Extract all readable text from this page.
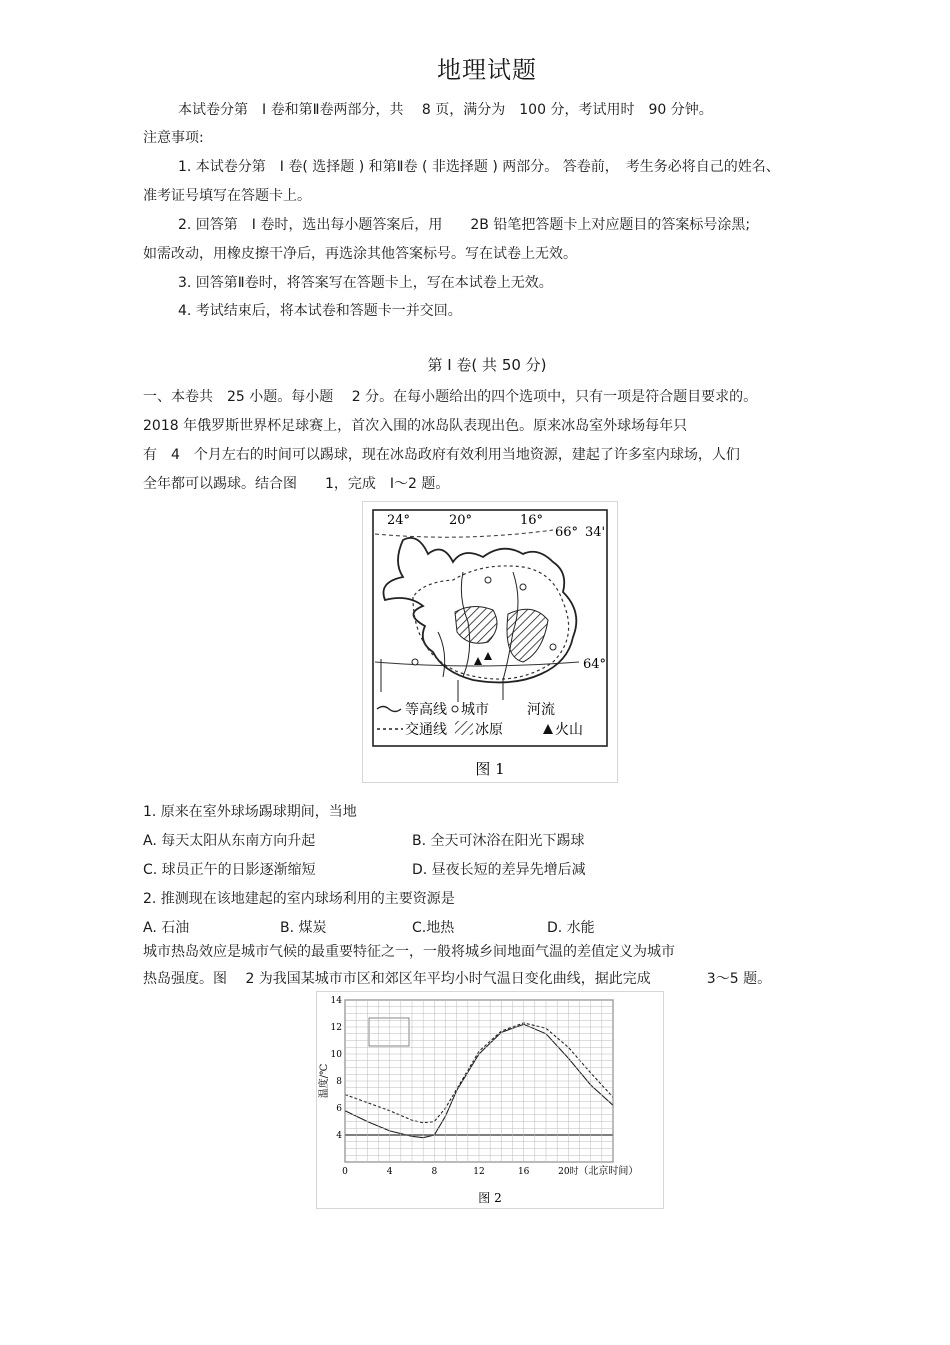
地理试题
本试卷分第　Ⅰ 卷和第Ⅱ卷两部分，共　 8 页，满分为　100 分，考试用时　90 分钟。
注意事项:
1. 本试卷分第　Ⅰ 卷( 选择题 ) 和第Ⅱ卷 ( 非选择题 ) 两部分。 答卷前，　考生务必将自己的姓名、
准考证号填写在答题卡上。
2. 回答第　Ⅰ 卷时，选出每小题答案后，用　　2B 铅笔把答题卡上对应题目的答案标号涂黑;
如需改动，用橡皮擦干净后，再选涂其他答案标号。写在试卷上无效。
3. 回答第Ⅱ卷时，将答案写在答题卡上，写在本试卷上无效。
4. 考试结束后，将本试卷和答题卡一并交回。
第 Ⅰ 卷( 共 50 分)
一、本卷共　25 小题。每小题　 2 分。在每小题给出的四个选项中，只有一项是符合题目要求的。
2018 年俄罗斯世界杯足球赛上，首次入围的冰岛队表现出色。原来冰岛室外球场每年只
有　4　个月左右的时间可以踢球，现在冰岛政府有效利用当地资源，建起了许多室内球场，人们
全年都可以踢球。结合图　　1，完成　Ⅰ～2 题。
24°	20°	16°
66° 34'
64°
等高线 城市	河流
交通线 冰原	火山
图 1
1. 原来在室外球场踢球期间，当地
A. 每天太阳从东南方向升起	B. 全天可沐浴在阳光下踢球
C. 球员正午的日影逐渐缩短	D. 昼夜长短的差异先增后减
2. 推测现在该地建起的室内球场利用的主要资源是
A. 石油	B. 煤炭	C.地热	D. 水能
城市热岛效应是城市气候的最重要特征之一，一般将城乡间地面气温的差值定义为城市
热岛强度。图　 2 为我国某城市市区和郊区年平均小时气温日变化曲线，据此完成　　　　3～5 题。
14
12
10
8
6
4
20时
16
12
8
4
0
温度/℃
（北京时间）
图 2
